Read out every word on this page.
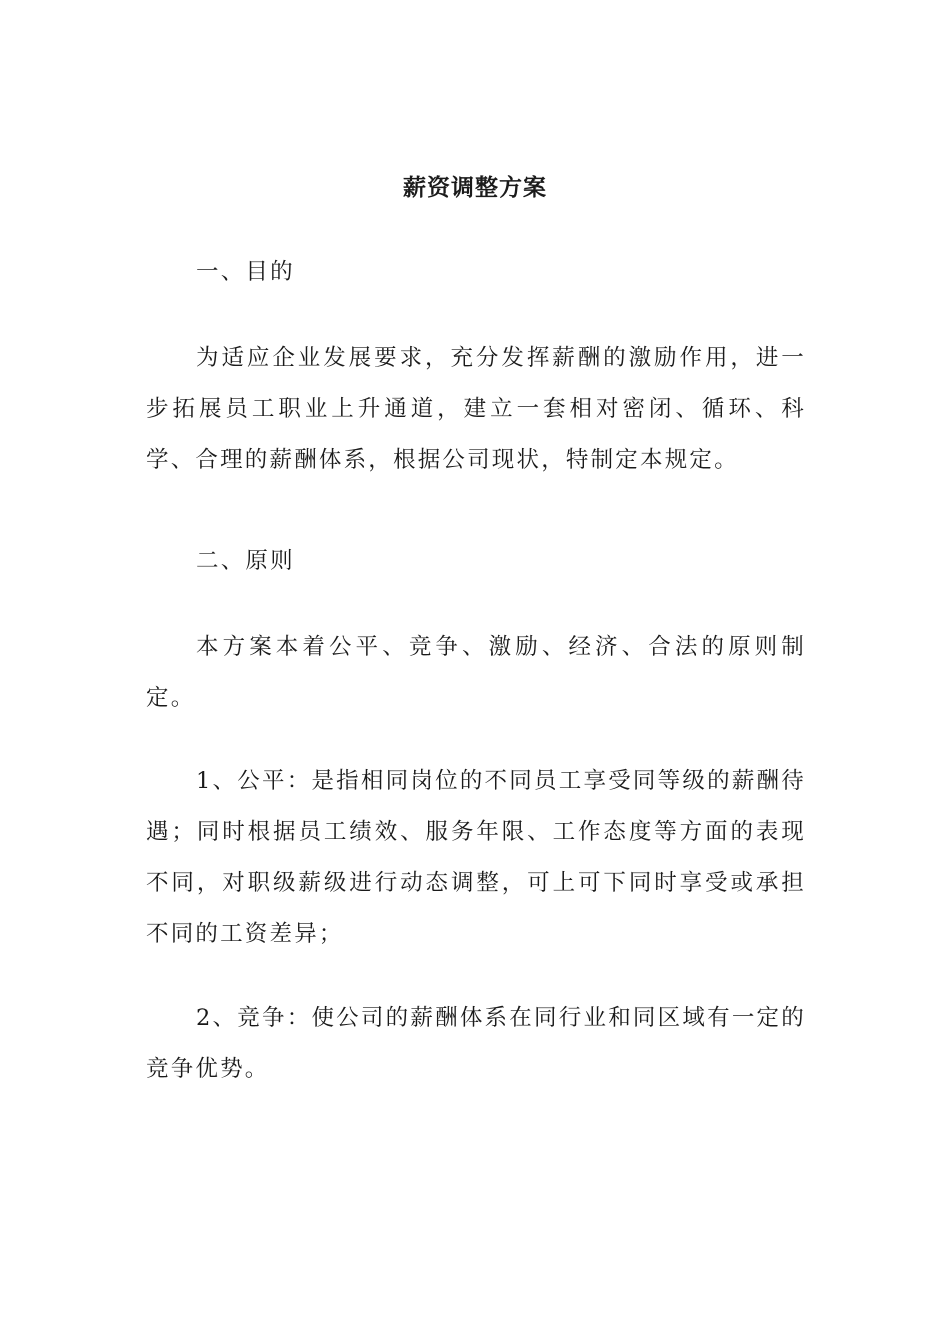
薪资调整方案

一、目的

为适应企业发展要求，充分发挥薪酬的激励作用，进一步拓展员工职业上升通道，建立一套相对密闭、循环、科学、合理的薪酬体系，根据公司现状，特制定本规定。

二、原则

本方案本着公平、竞争、激励、经济、合法的原则制定。

1、公平：是指相同岗位的不同员工享受同等级的薪酬待遇；同时根据员工绩效、服务年限、工作态度等方面的表现不同，对职级薪级进行动态调整，可上可下同时享受或承担不同的工资差异；

2、竞争：使公司的薪酬体系在同行业和同区域有一定的竞争优势。
